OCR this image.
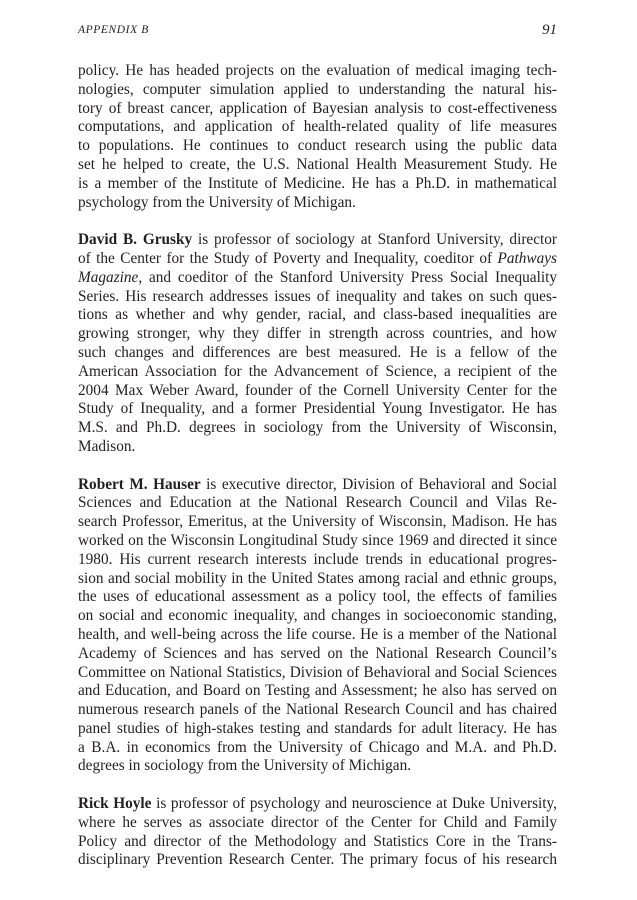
APPENDIX B	91
policy. He has headed projects on the evaluation of medical imaging tech-
nologies, computer simulation applied to understanding the natural his-
tory of breast cancer, application of Bayesian analysis to cost-effectiveness
computations, and application of health-related quality of life measures
to populations. He continues to conduct research using the public data
set he helped to create, the U.S. National Health Measurement Study. He
is a member of the Institute of Medicine. He has a Ph.D. in mathematical
psychology from the University of Michigan.
David B. Grusky is professor of sociology at Stanford University, director
of the Center for the Study of Poverty and Inequality, coeditor of Pathways
Magazine, and coeditor of the Stanford University Press Social Inequality
Series. His research addresses issues of inequality and takes on such ques-
tions as whether and why gender, racial, and class-based inequalities are
growing stronger, why they differ in strength across countries, and how
such changes and differences are best measured. He is a fellow of the
American Association for the Advancement of Science, a recipient of the
2004 Max Weber Award, founder of the Cornell University Center for the
Study of Inequality, and a former Presidential Young Investigator. He has
M.S. and Ph.D. degrees in sociology from the University of Wisconsin,
Madison.
Robert M. Hauser is executive director, Division of Behavioral and Social
Sciences and Education at the National Research Council and Vilas Re-
search Professor, Emeritus, at the University of Wisconsin, Madison. He has
worked on the Wisconsin Longitudinal Study since 1969 and directed it since
1980. His current research interests include trends in educational progres-
sion and social mobility in the United States among racial and ethnic groups,
the uses of educational assessment as a policy tool, the effects of families
on social and economic inequality, and changes in socioeconomic standing,
health, and well-being across the life course. He is a member of the National
Academy of Sciences and has served on the National Research Council’s
Committee on National Statistics, Division of Behavioral and Social Sciences
and Education, and Board on Testing and Assessment; he also has served on
numerous research panels of the National Research Council and has chaired
panel studies of high-stakes testing and standards for adult literacy. He has
a B.A. in economics from the University of Chicago and M.A. and Ph.D.
degrees in sociology from the University of Michigan.
Rick Hoyle is professor of psychology and neuroscience at Duke University,
where he serves as associate director of the Center for Child and Family
Policy and director of the Methodology and Statistics Core in the Trans-
disciplinary Prevention Research Center. The primary focus of his research
